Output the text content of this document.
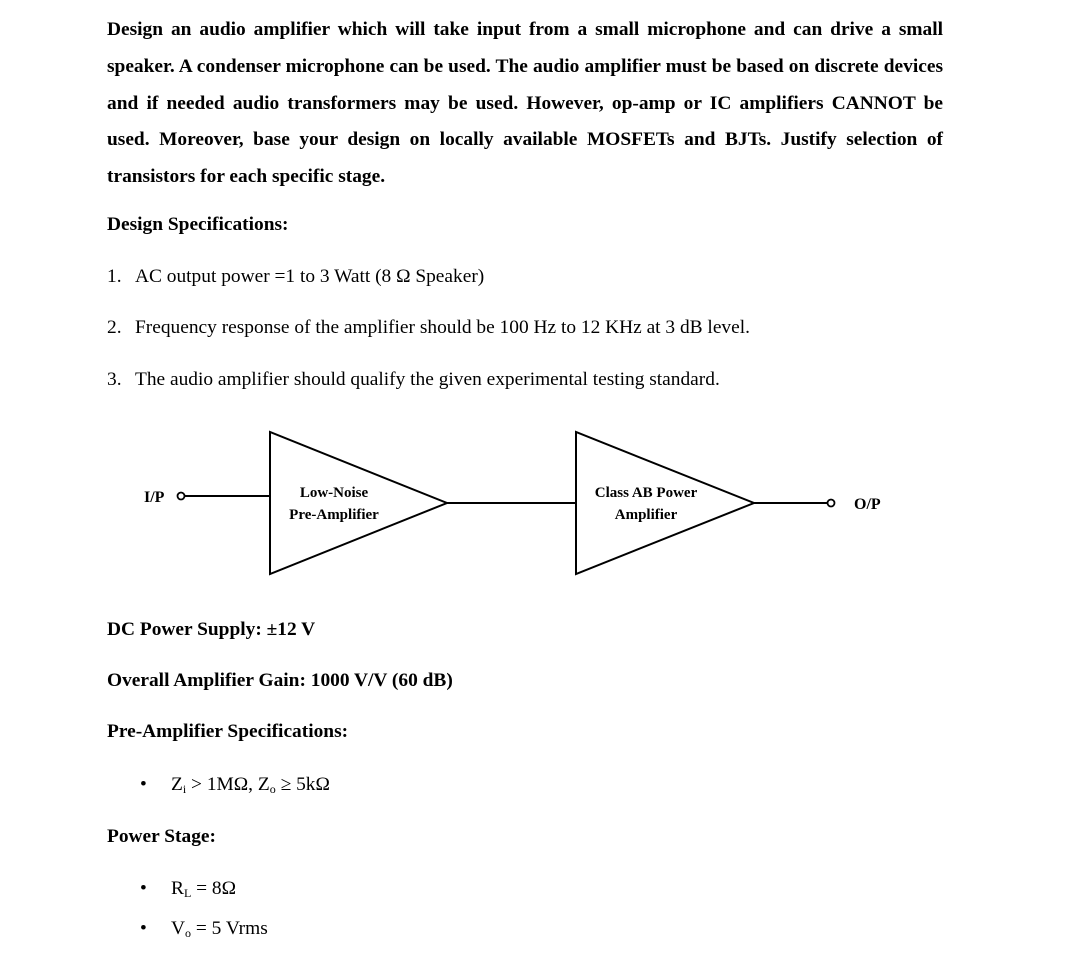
Design an audio amplifier which will take input from a small microphone and can drive a small speaker. A condenser microphone can be used. The audio amplifier must be based on discrete devices and if needed audio transformers may be used. However, op-amp or IC amplifiers CANNOT be used. Moreover, base your design on locally available MOSFETs and BJTs. Justify selection of transistors for each specific stage.

Design Specifications:

1. AC output power =1 to 3 Watt (8 Ω Speaker)

2. Frequency response of the amplifier should be 100 Hz to 12 KHz at 3 dB level.

3. The audio amplifier should qualify the given experimental testing standard.

I/P	Low-Noise
Pre-Amplifier
Class AB Power
Amplifier
O/P

DC Power Supply: ±12 V

Overall Amplifier Gain: 1000 V/V (60 dB)

Pre-Amplifier Specifications:

• $Z_i > 1M\Omega$, $Z_o \ge 5k\Omega$

Power Stage:

• $R_L = 8\Omega$

• $V_o = 5$ Vrms
